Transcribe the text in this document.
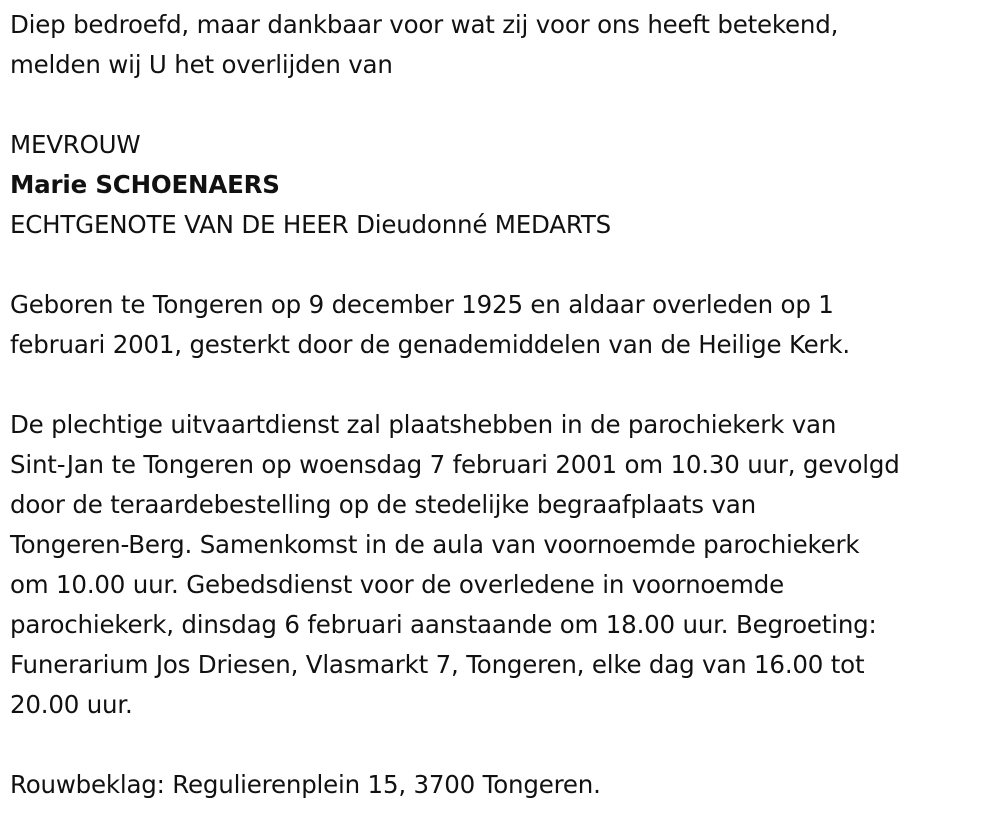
Diep bedroefd, maar dankbaar voor wat zij voor ons heeft betekend,
melden wij U het overlijden van
MEVROUW
Marie SCHOENAERS
ECHTGENOTE VAN DE HEER Dieudonné MEDARTS
Geboren te Tongeren op 9 december 1925 en aldaar overleden op 1
februari 2001, gesterkt door de genademiddelen van de Heilige Kerk.
De plechtige uitvaartdienst zal plaatshebben in de parochiekerk van
Sint-Jan te Tongeren op woensdag 7 februari 2001 om 10.30 uur, gevolgd
door de teraardebestelling op de stedelijke begraafplaats van
Tongeren-Berg. Samenkomst in de aula van voornoemde parochiekerk
om 10.00 uur. Gebedsdienst voor de overledene in voornoemde
parochiekerk, dinsdag 6 februari aanstaande om 18.00 uur. Begroeting:
Funerarium Jos Driesen, Vlasmarkt 7, Tongeren, elke dag van 16.00 tot
20.00 uur.
Rouwbeklag: Regulierenplein 15, 3700 Tongeren.
